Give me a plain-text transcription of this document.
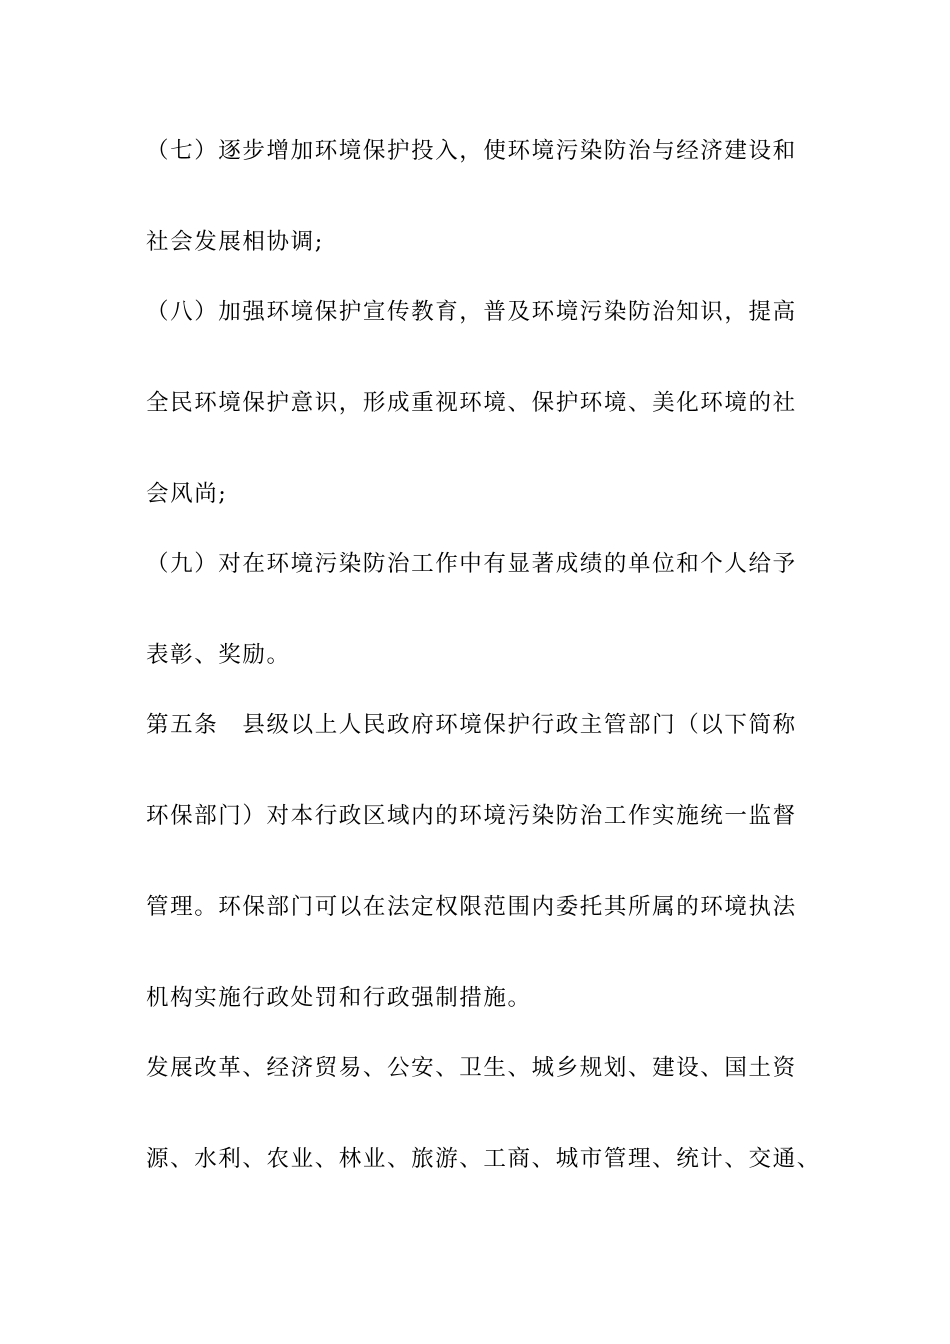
（七）逐步增加环境保护投入，使环境污染防治与经济建设和
社会发展相协调;
（八）加强环境保护宣传教育，普及环境污染防治知识，提高
全民环境保护意识，形成重视环境、保护环境、美化环境的社
会风尚;
（九）对在环境污染防治工作中有显著成绩的单位和个人给予
表彰、奖励。
第五条　县级以上人民政府环境保护行政主管部门（以下简称
环保部门）对本行政区域内的环境污染防治工作实施统一监督
管理。环保部门可以在法定权限范围内委托其所属的环境执法
机构实施行政处罚和行政强制措施。
发展改革、经济贸易、公安、卫生、城乡规划、建设、国土资
源、水利、农业、林业、旅游、工商、城市管理、统计、交通、
